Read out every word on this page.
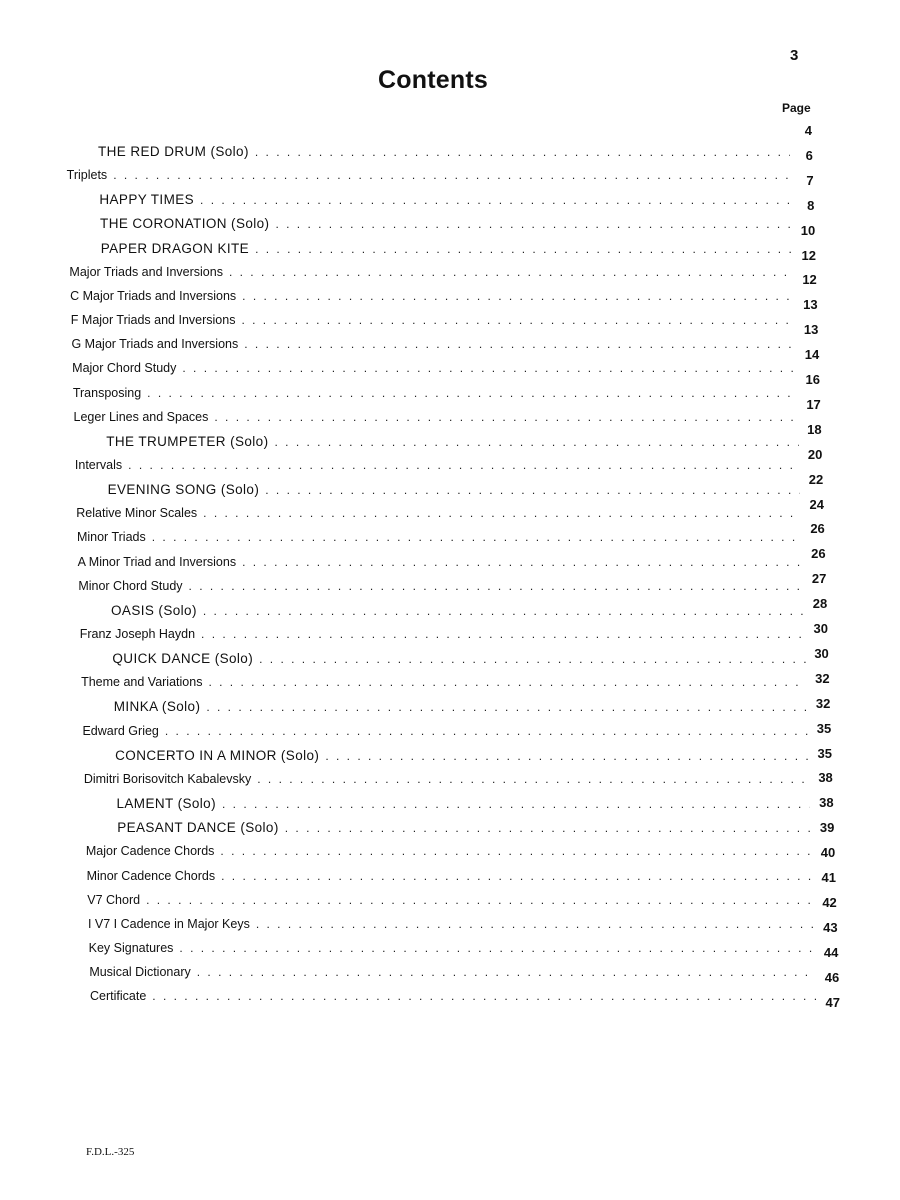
3
Contents
Page
THE RED DRUM (Solo)
. . .
Triplets
. . .
HAPPY TIMES
. . .
THE CORONATION (Solo)
. . .
PAPER DRAGON KITE
. . .
Major Triads and Inversions
. . .
C Major Triads and Inversions
. . .
F Major Triads and Inversions
. . .
G Major Triads and Inversions
. . .
Major Chord Study
. . .
Transposing
. . .
Leger Lines and Spaces
. . .
THE TRUMPETER (Solo)
. . .
Intervals
. . .
EVENING SONG (Solo)
. . .
Relative Minor Scales
. . .
Minor Triads
. . .
A Minor Triad and Inversions
. . .
Minor Chord Study
. . .
OASIS (Solo)
. . .
Franz Joseph Haydn
. . .
QUICK DANCE (Solo)
. . .
Theme and Variations
. . .
MINKA (Solo)
. . .
Edward Grieg
. . .
CONCERTO IN A MINOR (Solo)
. . .
Dimitri Borisovitch Kabalevsky
. . .
LAMENT (Solo)
. . .
PEASANT DANCE (Solo)
. . .
Major Cadence Chords
. . .
Minor Cadence Chords
. . .
V7 Chord
. . .
I V7 I Cadence in Major Keys
. . .
Key Signatures
. . .
Musical Dictionary
. . .
Certificate
. . .
4
6
7
8
10
12
12
13
13
14
16
17
18
20
22
24
26
26
27
28
30
30
32
32
35
35
38
38
39
40
41
42
43
44
46
47
F.D.L.-325
